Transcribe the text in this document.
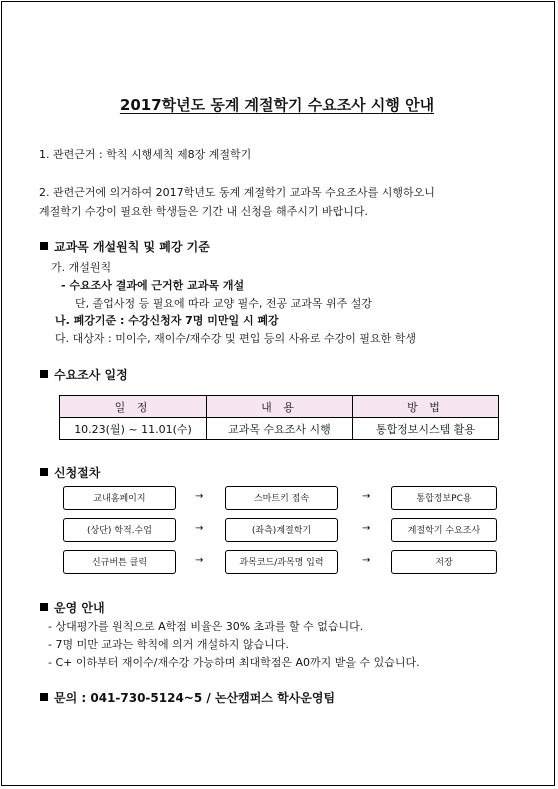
2017학년도 동계 계절학기 수요조사 시행 안내
1. 관련근거 : 학칙 시행세칙 제8장 계절학기
2. 관련근거에 의거하여 2017학년도 동계 계절학기 교과목 수요조사를 시행하오니
계절학기 수강이 필요한 학생들은 기간 내 신청을 해주시기 바랍니다.
교과목 개설원칙 및 폐강 기준
가. 개설원칙
- 수요조사 결과에 근거한 교과목 개설
단, 졸업사정 등 필요에 따라 교양 필수, 전공 교과목 위주 설강
나. 폐강기준 : 수강신청자 7명 미만일 시 폐강
다. 대상자 : 미이수, 재이수/재수강 및 편입 등의 사유로 수강이 필요한 학생
수요조사 일정
일 정	내 용	방 법
10.23(월) ~ 11.01(수)	교과목 수요조사 시행	통합정보시스템 활용
신청절차
교내홈페이지	→	스마트키 접속	→	통합정보PC용
(상단) 학적.수업	→	(좌측)계절학기	→	계절학기 수요조사
신규버튼 클릭	→	과목코드/과목명 입력	→	저장
운영 안내
- 상대평가를 원칙으로 A학점 비율은 30% 초과를 할 수 없습니다.
- 7명 미만 교과는 학칙에 의거 개설하지 않습니다.
- C+ 이하부터 재이수/재수강 가능하며 최대학점은 A0까지 받을 수 있습니다.
문의 : 041-730-5124~5 / 논산캠퍼스 학사운영팀
